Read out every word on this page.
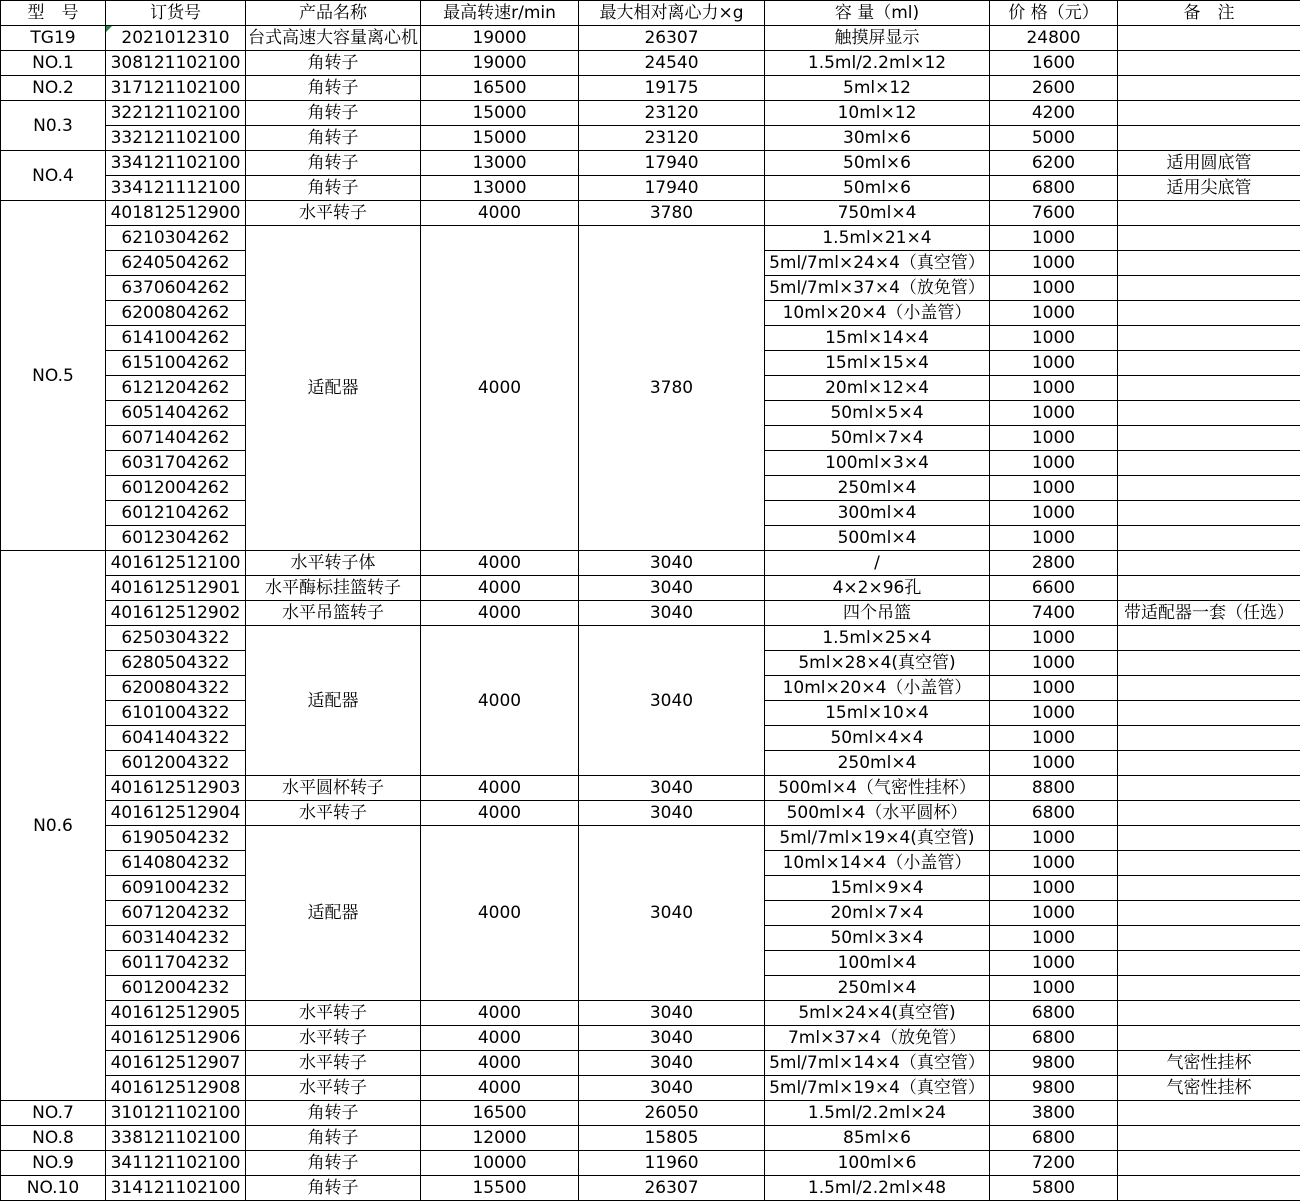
型　号	订货号	产品名称	最高转速r/min	最大相对离心力×g	容 量（ml)	价 格（元）	备　注
TG19	2021012310	台式高速大容量离心机	19000	26307	触摸屏显示	24800	
NO.1	308121102100	角转子	19000	24540	1.5ml/2.2ml×12	1600	
NO.2	317121102100	角转子	16500	19175	5ml×12	2600	
N0.3	322121102100	角转子	15000	23120	10ml×12	4200	
	332121102100	角转子	15000	23120	30ml×6	5000	
NO.4	334121102100	角转子	13000	17940	50ml×6	6200	适用圆底管
	334121112100	角转子	13000	17940	50ml×6	6800	适用尖底管
NO.5	401812512900	水平转子	4000	3780	750ml×4	7600	
	6210304262	适配器	4000	3780	1.5ml×21×4	1000	
	6240504262				5ml/7ml×24×4（真空管）	1000	
	6370604262				5ml/7ml×37×4（放免管）	1000	
	6200804262				10ml×20×4（小盖管）	1000	
	6141004262				15ml×14×4	1000	
	6151004262				15ml×15×4	1000	
	6121204262				20ml×12×4	1000	
	6051404262				50ml×5×4	1000	
	6071404262				50ml×7×4	1000	
	6031704262				100ml×3×4	1000	
	6012004262				250ml×4	1000	
	6012104262				300ml×4	1000	
	6012304262				500ml×4	1000	
N0.6	401612512100	水平转子体	4000	3040	/	2800	
	401612512901	水平酶标挂篮转子	4000	3040	4×2×96孔	6600	
	401612512902	水平吊篮转子	4000	3040	四个吊篮	7400	带适配器一套（任选）
	6250304322	适配器	4000	3040	1.5ml×25×4	1000	
	6280504322				5ml×28×4(真空管)	1000	
	6200804322				10ml×20×4（小盖管）	1000	
	6101004322				15ml×10×4	1000	
	6041404322				50ml×4×4	1000	
	6012004322				250ml×4	1000	
	401612512903	水平圆杯转子	4000	3040	500ml×4（气密性挂杯）	8800	
	401612512904	水平转子	4000	3040	500ml×4（水平圆杯）	6800	
	6190504232	适配器	4000	3040	5ml/7ml×19×4(真空管)	1000	
	6140804232				10ml×14×4（小盖管）	1000	
	6091004232				15ml×9×4	1000	
	6071204232				20ml×7×4	1000	
	6031404232				50ml×3×4	1000	
	6011704232				100ml×4	1000	
	6012004232				250ml×4	1000	
	401612512905	水平转子	4000	3040	5ml×24×4(真空管)	6800	
	401612512906	水平转子	4000	3040	7ml×37×4（放免管）	6800	
	401612512907	水平转子	4000	3040	5ml/7ml×14×4（真空管）	9800	气密性挂杯
	401612512908	水平转子	4000	3040	5ml/7ml×19×4（真空管）	9800	气密性挂杯
NO.7	310121102100	角转子	16500	26050	1.5ml/2.2ml×24	3800	
NO.8	338121102100	角转子	12000	15805	85ml×6	6800	
NO.9	341121102100	角转子	10000	11960	100ml×6	7200	
NO.10	314121102100	角转子	15500	26307	1.5ml/2.2ml×48	5800	
